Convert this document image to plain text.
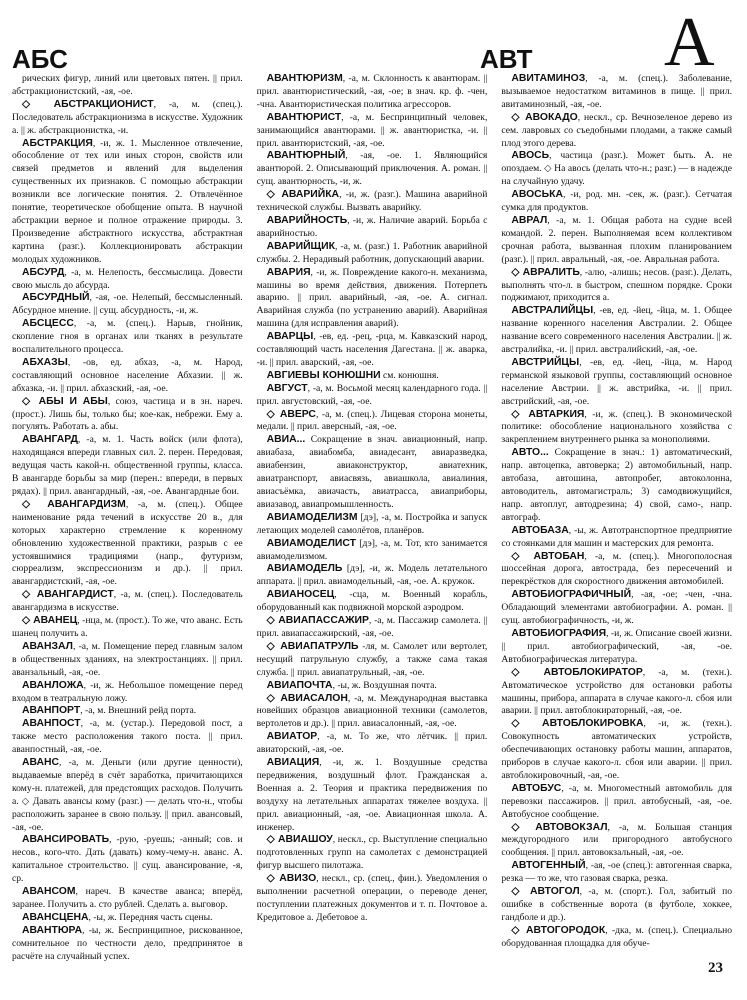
АБС	АВТ А

рических фигур, линий или цветовых пятен. || прил. абстракционистский, -ая, -ое.

◇ АБСТРАКЦИОНИСТ, -а, м. (спец.). Последователь абстракционизма в искусстве. Художник а. || ж. абстракционистка, -и.

АБСТРАКЦИЯ, -и, ж. 1. Мысленное отвлечение, обособление от тех или иных сторон, свойств или связей предметов и явлений для выделения существенных их признаков. С помощью абстракции возникли все логические понятия. 2. Отвлечённое понятие, теоретическое обобщение опыта. В научной абстракции верное и полное отражение природы. 3. Произведение абстрактного искусства, абстрактная картина (разг.). Коллекционировать абстракции молодых художников.

АБСУРД, -а, м. Нелепость, бессмыслица. Довести свою мысль до абсурда.

АБСУРДНЫЙ, -ая, -ое. Нелепый, бессмысленный. Абсурдное мнение. || сущ. абсурдность, -и, ж.

АБСЦЕСС, -а, м. (спец.). Нарыв, гнойник, скопление гноя в органах или тканях в результате воспалительного процесса.

АБХАЗЫ, -ов, ед. абхаз, -а, м. Народ, составляющий основное население Абхазии. || ж. абхазка, -и. || прил. абхазский, -ая, -ое.

◇ АБЫ И АБЫ, союз, частица и в зн. нареч. (прост.). Лишь бы, только бы; кое-как, небрежи. Ему а. погулять. Работать а. абы.

АВАНГАРД, -а, м. 1. Часть войск (или флота), находящаяся впереди главных сил. 2. перен. Передовая, ведущая часть какой-н. общественной группы, класса. В авангарде борьбы за мир (перен.: впереди, в первых рядах). || прил. авангардный, -ая, -ое. Авангардные бои.

◇ АВАНГАРДИЗМ, -а, м. (спец.). Общее наименование ряда течений в искусстве 20 в., для которых характерно стремление к коренному обновлению художественной практики, разрыв с ее устоявшимися традициями (напр., футуризм, сюрреализм, экспрессионизм и др.). || прил. авангардистский, -ая, -ое.

◇ АВАНГАРДИСТ, -а, м. (спец.). Последователь авангардизма в искусстве.

◇ АВАНЕЦ, -нца, м. (прост.). То же, что аванс. Есть шанец получить а.

АВАНЗАЛ, -а, м. Помещение перед главным залом в общественных зданиях, на электростанциях. || прил. аванзальный, -ая, -ое.

АВАНЛОЖА, -и, ж. Небольшое помещение перед входом в театральную ложу.

АВАНПОРТ, -а, м. Внешний рейд порта.

АВАНПОСТ, -а, м. (устар.). Передовой пост, а также место расположения такого поста. || прил. аванпостный, -ая, -ое.

АВАНС, -а, м. Деньги (или другие ценности), выдаваемые вперёд в счёт заработка, причитающихся кому-н. платежей, для предстоящих расходов. Получить а. ◇ Давать авансы кому (разг.) — делать что-н., чтобы расположить заранее в свою пользу. || прил. авансовый, -ая, -ое.

АВАНСИРОВАТЬ, -рую, -руешь; -анный; сов. и несов., кого-что. Дать (давать) кому-чему-н. аванс. А. капитальное строительство. || сущ. авансирование, -я, ср.

АВАНСОМ, нареч. В качестве аванса; вперёд, заранее. Получить а. сто рублей. Сделать а. выговор.

АВАНСЦЕНА, -ы, ж. Передняя часть сцены.

АВАНТЮРА, -ы, ж. Беспринципное, рискованное, сомнительное по честности дело, предпринятое в расчёте на случайный успех.

АВАНТЮРИЗМ, -а, м. Склонность к авантюрам. || прил. авантюристический, -ая, -ое; в знач. кр. ф. -чен, -чна. Авантюристическая политика агрессоров.

АВАНТЮРИСТ, -а, м. Беспринципный человек, занимающийся авантюрами. || ж. авантюристка, -и. || прил. авантюристский, -ая, -ое.

АВАНТЮРНЫЙ, -ая, -ое. 1. Являющийся авантюрой. 2. Описывающий приключения. А. роман. || сущ. авантюрность, -и, ж.

◇ АВАРИЙКА, -и, ж. (разг.). Машина аварийной технической службы. Вызвать аварийку.

АВАРИЙНОСТЬ, -и, ж. Наличие аварий. Борьба с аварийностью.

АВАРИЙЩИК, -а, м. (разг.) 1. Работник аварийной службы. 2. Нерадивый работник, допускающий аварии.

АВАРИЯ, -и, ж. Повреждение какого-н. механизма, машины во время действия, движения. Потерпеть аварию. || прил. аварийный, -ая, -ое. А. сигнал. Аварийная служба (по устранению аварий). Аварийная машина (для исправления аварий).

АВАРЦЫ, -ев, ед. -рец, -рца, м. Кавказский народ, составляющий часть населения Дагестана. || ж. аварка, -и. || прил. аварский, -ая, -ое.

АВГИЕВЫ КОНЮШНИ см. конюшня.

АВГУСТ, -а, м. Восьмой месяц календарного года. || прил. августовский, -ая, -ое.

◇ АВЕРС, -а, м. (спец.). Лицевая сторона монеты, медали. || прил. аверсный, -ая, -ое.

АВИА... Сокращение в знач. авиационный, напр. авиабаза, авиабомба, авиадесант, авиаразведка, авиабензин, авиаконструктор, авиатехник, авиатранспорт, авиасвязь, авиашкола, авиалиния, авиасъёмка, авиачасть, авиатрасса, авиаприборы, авиазавод, авиапромышленность.

АВИАМОДЕЛИЗМ [дэ], -а, м. Постройка и запуск летающих моделей самолётов, планёров.

АВИАМОДЕЛИСТ [дэ], -а, м. Тот, кто занимается авиамоделизмом.

АВИАМОДЕЛЬ [дэ], -и, ж. Модель летательного аппарата. || прил. авиамодельный, -ая, -ое. А. кружок.

АВИАНОСЕЦ, -сца, м. Военный корабль, оборудованный как подвижной морской аэродром.

◇ АВИАПАССАЖИР, -а, м. Пассажир самолета. || прил. авиапассажирский, -ая, -ое.

◇ АВИАПАТРУЛЬ -ля, м. Самолет или вертолет, несущий патрульную службу, а также сама такая служба. || прил. авиапатрульный, -ая, -ое.

АВИАПОЧТА, -ы, ж. Воздушная почта.

◇ АВИАСАЛОН, -а, м. Международная выставка новейших образцов авиационной техники (самолетов, вертолетов и др.). || прил. авиасалонный, -ая, -ое.

АВИАТОР, -а, м. То же, что лётчик. || прил. авиаторский, -ая, -ое.

АВИАЦИЯ, -и, ж. 1. Воздушные средства передвижения, воздушный флот. Гражданская а. Военная а. 2. Теория и практика передвижения по воздуху на летательных аппаратах тяжелее воздуха. || прил. авиационный, -ая, -ое. Авиационная школа. А. инженер.

◇ АВИАШОУ, нескл., ср. Выступление специально подготовленных групп на самолетах с демонстрацией фигур высшего пилотажа.

◇ АВИЗО, нескл., ср. (спец., фин.). Уведомления о выполнении расчетной операции, о переводе денег, поступлении платежных документов и т. п. Почтовое а. Кредитовое а. Дебетовое а.

АВИТАМИНОЗ, -а, м. (спец.). Заболевание, вызываемое недостатком витаминов в пище. || прил. авитаминозный, -ая, -ое.

◇ АВОКАДО, нескл., ср. Вечнозеленое дерево из сем. лавровых со съедобными плодами, а также самый плод этого дерева.

АВОСЬ, частица (разг.). Может быть. А. не опоздаем. ◇ На авось (делать что-н.; разг.) — в надежде на случайную удачу.

АВОСЬКА, -и, род. мн. -сек, ж. (разг.). Сетчатая сумка для продуктов.

АВРАЛ, -а, м. 1. Общая работа на судне всей командой. 2. перен. Выполняемая всем коллективом срочная работа, вызванная плохим планированием (разг.). || прил. авральный, -ая, -ое. Авральная работа.

◇ АВРАЛИТЬ, -алю, -алишь; несов. (разг.). Делать, выполнять что-л. в быстром, спешном порядке. Сроки поджимают, приходится а.

АВСТРАЛИЙЦЫ, -ев, ед. -йец, -йца, м. 1. Общее название коренного населения Австралии. 2. Общее название всего современного населения Австралии. || ж. австралийка, -и. || прил. австралийский, -ая, -ое.

АВСТРИЙЦЫ, -ев, ед. -йец, -йца, м. Народ германской языковой группы, составляющий основное население Австрии. || ж. австрийка, -и. || прил. австрийский, -ая, -ое.

◇ АВТАРКИЯ, -и, ж. (спец.). В экономической политике: обособление национального хозяйства с закреплением внутреннего рынка за монополиями.

АВТО... Сокращение в знач.: 1) автоматический, напр. автоцепка, автоверка; 2) автомобильный, напр. автобаза, автошина, автопробег, автоколонна, автоводитель, автомагистраль; 3) самодвижущийся, напр. автоплуг, автодрезина; 4) свой, само-, напр. автограф.

АВТОБАЗА, -ы, ж. Автотранспортное предприятие со стоянками для машин и мастерских для ремонта.

◇ АВТОБАН, -а, м. (спец.). Многополосная шоссейная дорога, автострада, без пересечений и перекрёстков для скоростного движения автомобилей.

АВТОБИОГРАФИЧНЫЙ, -ая, -ое; -чен, -чна. Обладающий элементами автобиографии. А. роман. || сущ. автобиографичность, -и, ж.

АВТОБИОГРАФИЯ, -и, ж. Описание своей жизни. || прил. автобиографический, -ая, -ое. Автобиографическая литература.

◇ АВТОБЛОКИРАТОР, -а, м. (техн.). Автоматическое устройство для остановки работы машины, прибора, аппарата в случае какого-л. сбоя или аварии. || прил. автоблокираторный, -ая, -ое.

◇ АВТОБЛОКИРОВКА, -и, ж. (техн.). Совокупность автоматических устройств, обеспечивающих остановку работы машин, аппаратов, приборов в случае какого-л. сбоя или аварии. || прил. автоблокировочный, -ая, -ое.

АВТОБУС, -а, м. Многоместный автомобиль для перевозки пассажиров. || прил. автобусный, -ая, -ое. Автобусное сообщение.

◇ АВТОВОКЗАЛ, -а, м. Большая станция междугородного или пригородного автобусного сообщения. || прил. автовокзальный, -ая, -ое.

АВТОГЕННЫЙ, -ая, -ое (спец.): автогенная сварка, резка — то же, что газовая сварка, резка.

◇ АВТОГОЛ, -а, м. (спорт.). Гол, забитый по ошибке в собственные ворота (в футболе, хоккее, гандболе и др.).

◇ АВТОГОРОДОК, -дка, м. (спец.). Специально оборудованная площадка для обуче-

23
